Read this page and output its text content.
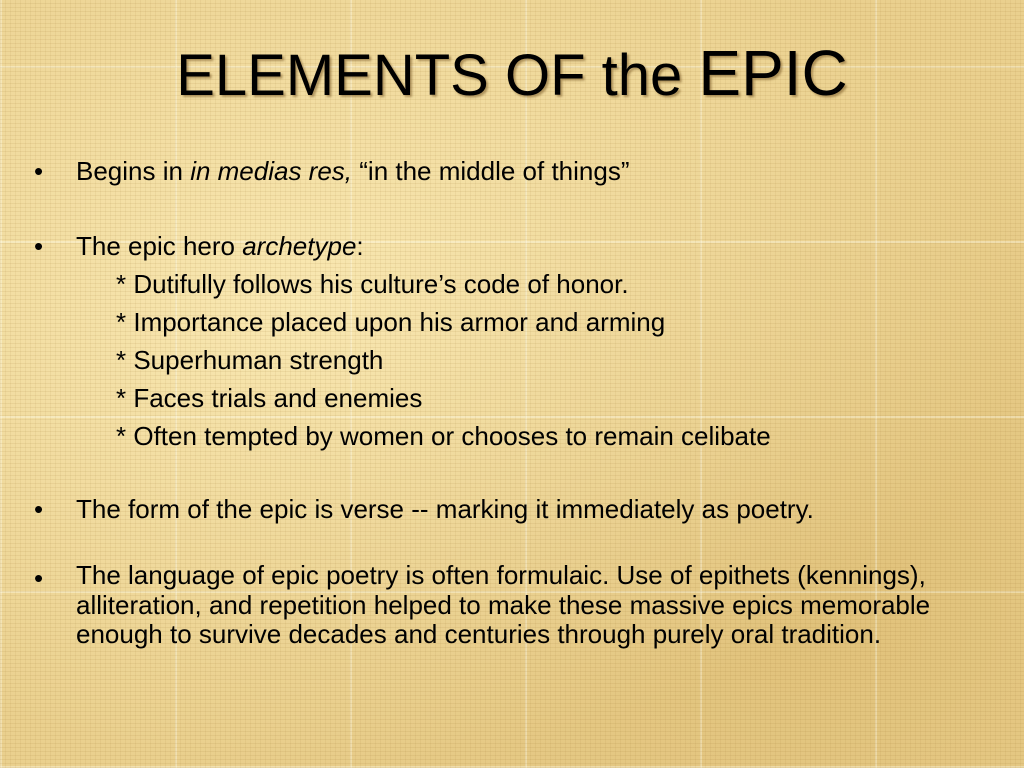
ELEMENTS OF the EPIC
• Begins in in medias res, “in the middle of things”
• The epic hero archetype:
* Dutifully follows his culture’s code of honor.
* Importance placed upon his armor and arming
* Superhuman strength
* Faces trials and enemies
* Often tempted by women or chooses to remain celibate
• The form of the epic is verse -- marking it immediately as poetry.
• The language of epic poetry is often formulaic. Use of epithets (kennings), alliteration, and repetition helped to make these massive epics memorable enough to survive decades and centuries through purely oral tradition.
